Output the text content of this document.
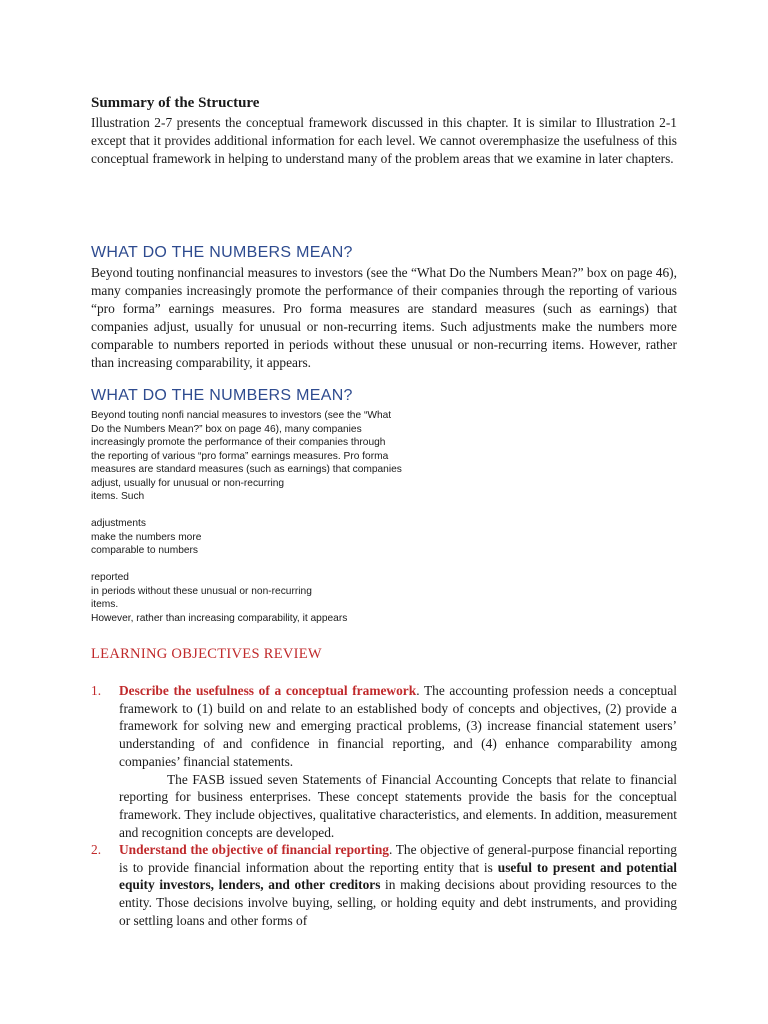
Summary of the Structure

Illustration 2-7 presents the conceptual framework discussed in this chapter. It is similar to Illustration 2-1 except that it provides additional information for each level. We cannot overemphasize the usefulness of this conceptual framework in helping to understand many of the problem areas that we examine in later chapters.

WHAT DO THE NUMBERS MEAN?

Beyond touting nonfinancial measures to investors (see the “What Do the Numbers Mean?” box on page 46), many companies increasingly promote the performance of their companies through the reporting of various “pro forma” earnings measures. Pro forma measures are standard measures (such as earnings) that companies adjust, usually for unusual or non-recurring items. Such adjustments make the numbers more comparable to numbers reported in periods without these unusual or non-recurring items. However, rather than increasing comparability, it appears.

WHAT DO THE NUMBERS MEAN?
Beyond touting nonfi nancial measures to investors (see the “What
Do the Numbers Mean?” box on page 46), many companies
increasingly promote the performance of their companies through
the reporting of various “pro forma” earnings measures. Pro forma
measures are standard measures (such as earnings) that companies
adjust, usually for unusual or non-recurring
items. Such
adjustments
make the numbers more
comparable to numbers
reported
in periods without these unusual or non-recurring
items.
However, rather than increasing comparability, it appears
LEARNING OBJECTIVES REVIEW
1. Describe the usefulness of a conceptual framework. The accounting profession needs a conceptual framework to (1) build on and relate to an established body of concepts and objectives, (2) provide a framework for solving new and emerging practical problems, (3) increase financial statement users’ understanding of and confidence in financial reporting, and (4) enhance comparability among companies’ financial statements.

The FASB issued seven Statements of Financial Accounting Concepts that relate to financial reporting for business enterprises. These concept statements provide the basis for the conceptual framework. They include objectives, qualitative characteristics, and elements. In addition, measurement and recognition concepts are developed.

2. Understand the objective of financial reporting. The objective of general-purpose financial reporting is to provide financial information about the reporting entity that is useful to present and potential equity investors, lenders, and other creditors in making decisions about providing resources to the entity. Those decisions involve buying, selling, or holding equity and debt instruments, and providing or settling loans and other forms of
